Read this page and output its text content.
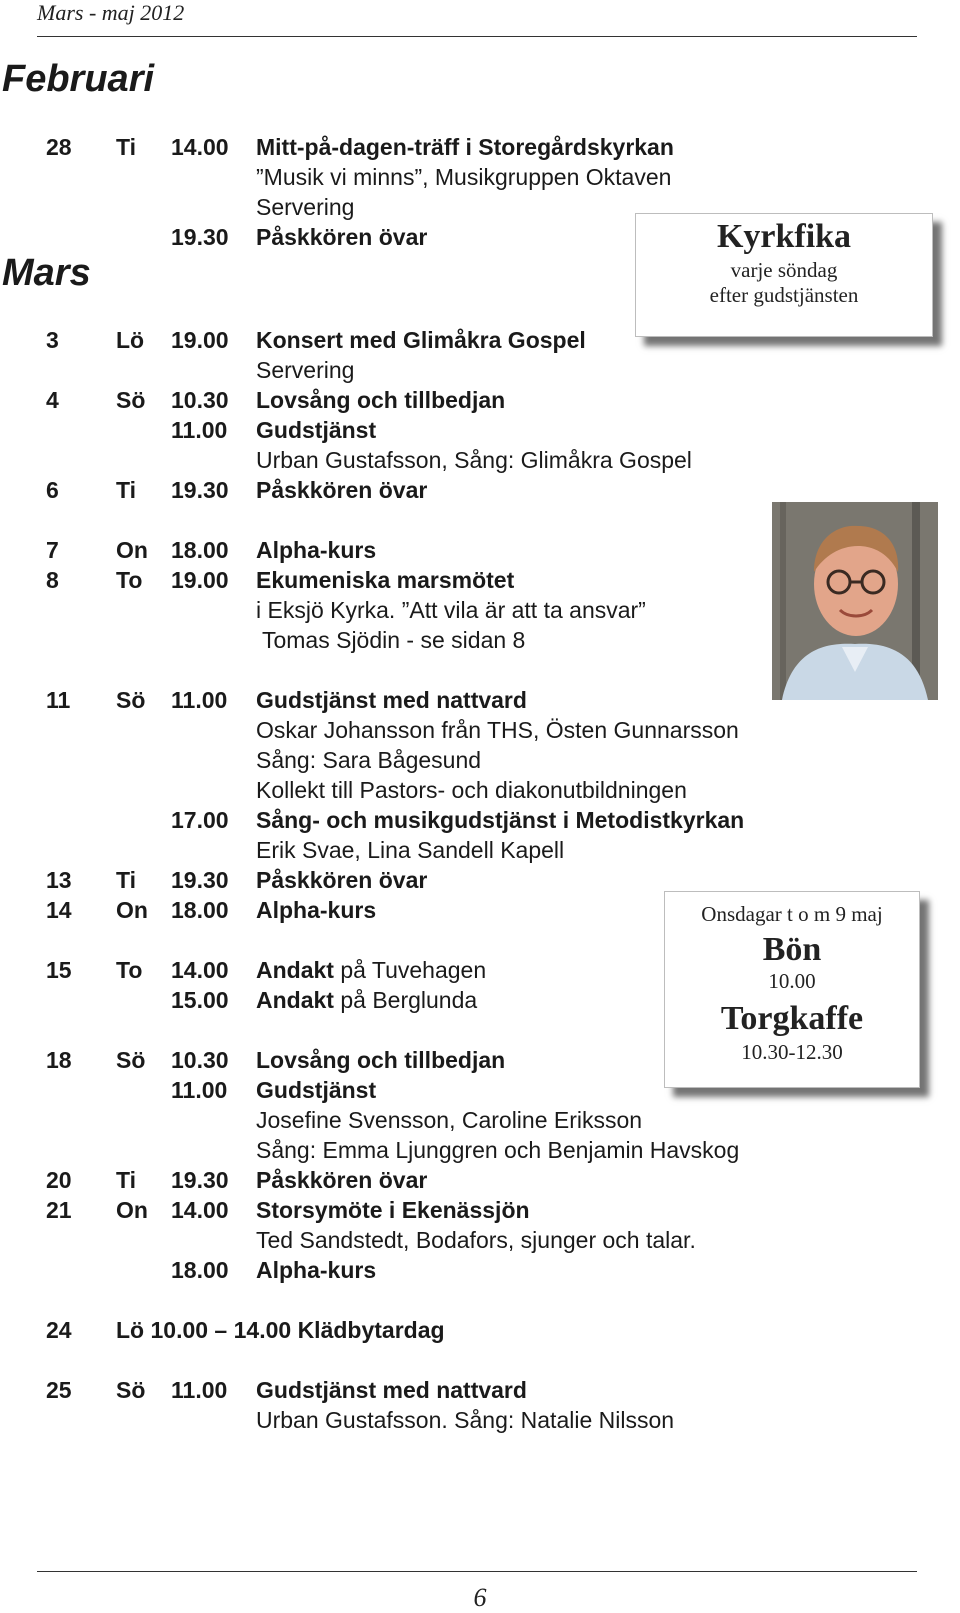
Mars - maj 2012
Februari
Mars
28 Ti 14.00 Mitt-på-dagen-träff i Storegårdskyrkan
”Musik vi minns”, Musikgruppen Oktaven
Servering
19.30 Påskkören övar
3 Lö 19.00 Konsert med Glimåkra Gospel
Servering
4 Sö 10.30 Lovsång och tillbedjan
11.00 Gudstjänst
Urban Gustafsson, Sång: Glimåkra Gospel
6 Ti 19.30 Påskkören övar
7 On 18.00 Alpha-kurs
8 To 19.00 Ekumeniska marsmötet
i Eksjö Kyrka. ”Att vila är att ta ansvar”
Tomas Sjödin - se sidan 8
11 Sö 11.00 Gudstjänst med nattvard
Oskar Johansson från THS, Östen Gunnarsson
Sång: Sara Bågesund
Kollekt till Pastors- och diakonutbildningen
17.00 Sång- och musikgudstjänst i Metodistkyrkan
Erik Svae, Lina Sandell Kapell
13 Ti 19.30 Påskkören övar
14 On 18.00 Alpha-kurs
15 To 14.00 Andakt på Tuvehagen
15.00 Andakt på Berglunda
18 Sö 10.30 Lovsång och tillbedjan
11.00 Gudstjänst
Josefine Svensson, Caroline Eriksson
Sång: Emma Ljunggren och Benjamin Havskog
20 Ti 19.30 Påskkören övar
21 On 14.00 Storsymöte i Ekenässjön
Ted Sandstedt, Bodafors, sjunger och talar.
18.00 Alpha-kurs
24 Lö 10.00 – 14.00 Klädbytardag
25 Sö 11.00 Gudstjänst med nattvard
Urban Gustafsson. Sång: Natalie Nilsson
Kyrkfika
varje söndag
efter gudstjänsten
Onsdagar t o m 9 maj
Bön
10.00
Torgkaffe
10.30-12.30
6
